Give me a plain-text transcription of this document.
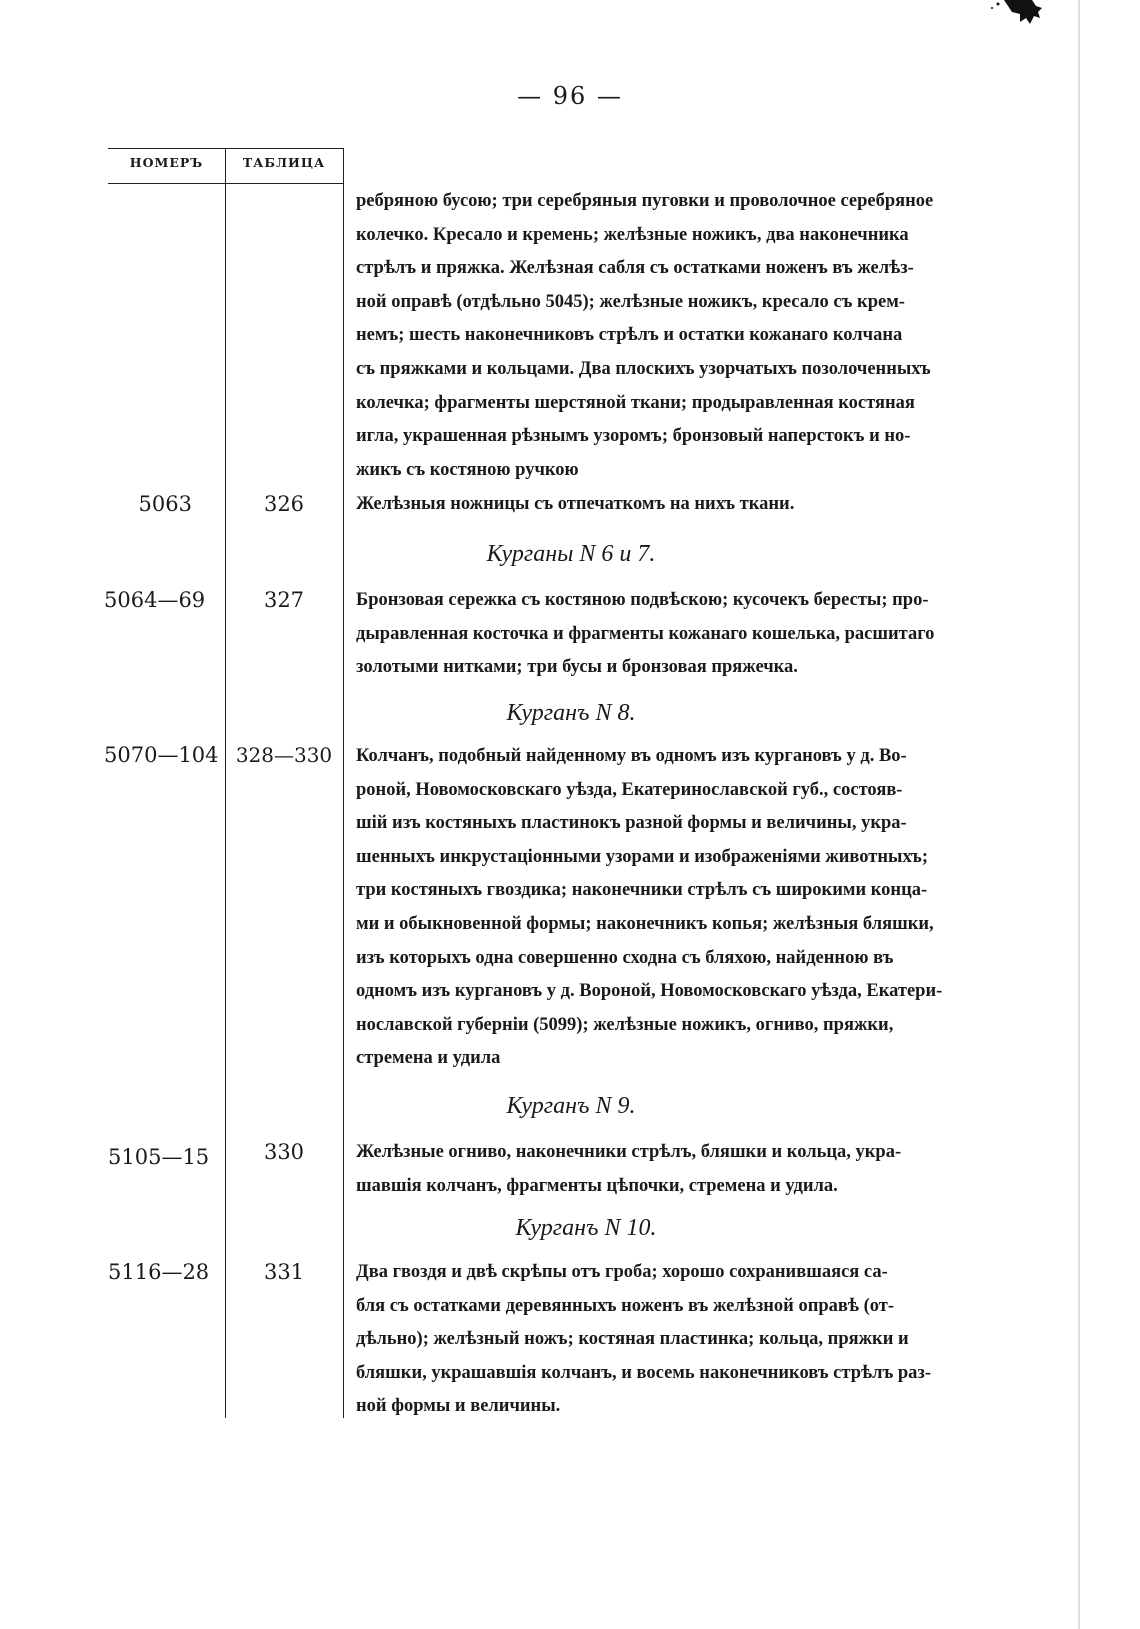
— 96 —
НОМЕРЪ	ТАБЛИЦА
ребряною бусою; три серебряныя пуговки и проволочное серебряное
колечко. Кресало и кремень; желѣзные ножикъ, два наконечника
стрѣлъ и пряжка. Желѣзная сабля съ остатками ноженъ въ желѣз-
ной оправѣ (отдѣльно 5045); желѣзные ножикъ, кресало съ крем-
немъ; шесть наконечниковъ стрѣлъ и остатки кожанаго колчана
съ пряжками и кольцами. Два плоскихъ узорчатыхъ позолоченныхъ
колечка; фрагменты шерстяной ткани; продыравленная костяная
игла, украшенная рѣзнымъ узоромъ; бронзовый наперстокъ и но-
жикъ съ костяною ручкою
5063	326	Желѣзныя ножницы съ отпечаткомъ на нихъ ткани.
Курганы N 6 и 7.
5064—69	327	Бронзовая сережка съ костяною подвѣскою; кусочекъ бересты; про-
дыравленная косточка и фрагменты кожанаго кошелька, расшитаго
золотыми нитками; три бусы и бронзовая пряжечка.
Курганъ N 8.
5070—104 328—330	Колчанъ, подобный найденному въ одномъ изъ кургановъ у д. Во-
роной, Новомосковскаго уѣзда, Екатеринославской губ., состояв-
шій изъ костяныхъ пластинокъ разной формы и величины, укра-
шенныхъ инкрустаціонными узорами и изображеніями животныхъ;
три костяныхъ гвоздика; наконечники стрѣлъ съ широкими конца-
ми и обыкновенной формы; наконечникъ копья; желѣзныя бляшки,
изъ которыхъ одна совершенно сходна съ бляхою, найденною въ
одномъ изъ кургановъ у д. Вороной, Новомосковскаго уѣзда, Екатери-
нославской губерніи (5099); желѣзные ножикъ, огниво, пряжки,
стремена и удила
Курганъ N 9.
5105—15	330	Желѣзные огниво, наконечники стрѣлъ, бляшки и кольца, укра-
шавшія колчанъ, фрагменты цѣпочки, стремена и удила.
Курганъ N 10.
5116—28	331	Два гвоздя и двѣ скрѣпы отъ гроба; хорошо сохранившаяся са-
бля съ остатками деревянныхъ ноженъ въ желѣзной оправѣ (от-
дѣльно); желѣзный ножъ; костяная пластинка; кольца, пряжки и
бляшки, украшавшія колчанъ, и восемь наконечниковъ стрѣлъ раз-
ной формы и величины.
